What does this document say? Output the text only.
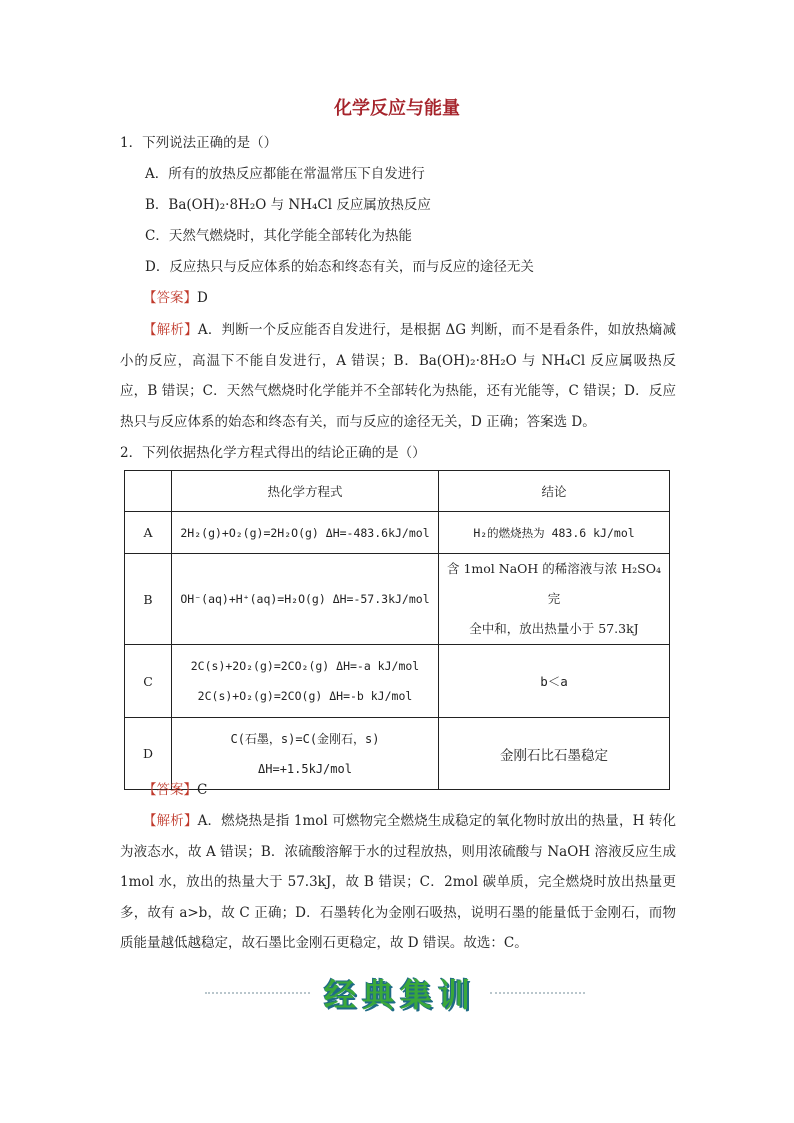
化学反应与能量
1．下列说法正确的是（）
A．所有的放热反应都能在常温常压下自发进行
B．Ba(OH)₂·8H₂O 与 NH₄Cl 反应属放热反应
C．天然气燃烧时，其化学能全部转化为热能
D．反应热只与反应体系的始态和终态有关，而与反应的途径无关
【答案】D
【解析】A．判断一个反应能否自发进行，是根据 ΔG 判断，而不是看条件，如放热熵减小的反应，高温下不能自发进行，A 错误；B．Ba(OH)₂·8H₂O 与 NH₄Cl 反应属吸热反应，B 错误；C．天然气燃烧时化学能并不全部转化为热能，还有光能等，C 错误；D．反应热只与反应体系的始态和终态有关，而与反应的途径无关，D 正确；答案选 D。
2．下列依据热化学方程式得出的结论正确的是（）
	热化学方程式	结论
A	2H₂(g)+O₂(g)=2H₂O(g) ΔH=-483.6kJ/mol	H₂的燃烧热为 483.6 kJ/mol
B	OH⁻(aq)+H⁺(aq)=H₂O(g) ΔH=-57.3kJ/mol	含 1mol NaOH 的稀溶液与浓 H₂SO₄完
全中和，放出热量小于 57.3kJ

C	2C(s)+2O₂(g)=2CO₂(g) ΔH=-a kJ/mol
2C(s)+O₂(g)=2CO(g) ΔH=-b kJ/mol	b＜a
D	C(石墨，s)=C(金刚石，s)
ΔH=+1.5kJ/mol	金刚石比石墨稳定
【答案】C
【解析】A．燃烧热是指 1mol 可燃物完全燃烧生成稳定的氧化物时放出的热量，H 转化为液态水，故 A 错误；B．浓硫酸溶解于水的过程放热，则用浓硫酸与 NaOH 溶液反应生成 1mol 水，放出的热量大于 57.3kJ，故 B 错误；C．2mol 碳单质，完全燃烧时放出热量更多，故有 a>b，故 C 正确；D．石墨转化为金刚石吸热，说明石墨的能量低于金刚石，而物质能量越低越稳定，故石墨比金刚石更稳定，故 D 错误。故选：C。
经典集训
